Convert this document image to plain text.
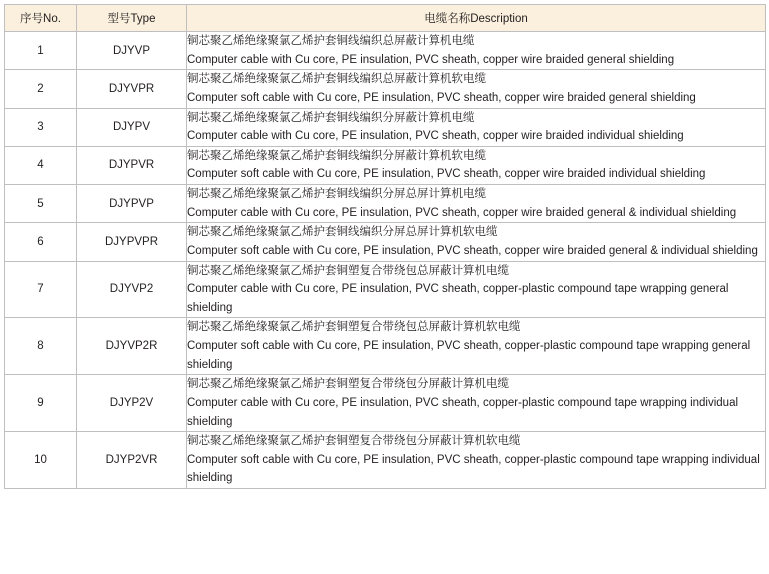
序号No.	型号Type	电缆名称Description
1	DJYVP	铜芯聚乙烯绝缘聚氯乙烯护套铜线编织总屏蔽计算机电缆
Computer cable with Cu core, PE insulation, PVC sheath, copper wire braided general shielding

2	DJYVPR	铜芯聚乙烯绝缘聚氯乙烯护套铜线编织总屏蔽计算机软电缆
Computer soft cable with Cu core, PE insulation, PVC sheath, copper wire braided general shielding

3	DJYPV	铜芯聚乙烯绝缘聚氯乙烯护套铜线编织分屏蔽计算机电缆
Computer cable with Cu core, PE insulation, PVC sheath, copper wire braided individual shielding

4	DJYPVR	铜芯聚乙烯绝缘聚氯乙烯护套铜线编织分屏蔽计算机软电缆
Computer soft cable with Cu core, PE insulation, PVC sheath, copper wire braided individual shielding

5	DJYPVP	铜芯聚乙烯绝缘聚氯乙烯护套铜线编织分屏总屏计算机电缆
Computer cable with Cu core, PE insulation, PVC sheath, copper wire braided general & individual shielding

6	DJYPVPR	铜芯聚乙烯绝缘聚氯乙烯护套铜线编织分屏总屏计算机软电缆
Computer soft cable with Cu core, PE insulation, PVC sheath, copper wire braided general & individual shielding

7	DJYVP2	铜芯聚乙烯绝缘聚氯乙烯护套铜塑复合带绕包总屏蔽计算机电缆
Computer cable with Cu core, PE insulation, PVC sheath, copper-plastic compound tape wrapping general shielding

8	DJYVP2R	铜芯聚乙烯绝缘聚氯乙烯护套铜塑复合带绕包总屏蔽计算机软电缆
Computer soft cable with Cu core, PE insulation, PVC sheath, copper-plastic compound tape wrapping general shielding

9	DJYP2V	铜芯聚乙烯绝缘聚氯乙烯护套铜塑复合带绕包分屏蔽计算机电缆
Computer cable with Cu core, PE insulation, PVC sheath, copper-plastic compound tape wrapping individual shielding

10	DJYP2VR	铜芯聚乙烯绝缘聚氯乙烯护套铜塑复合带绕包分屏蔽计算机软电缆
Computer soft cable with Cu core, PE insulation, PVC sheath, copper-plastic compound tape wrapping individual shielding
